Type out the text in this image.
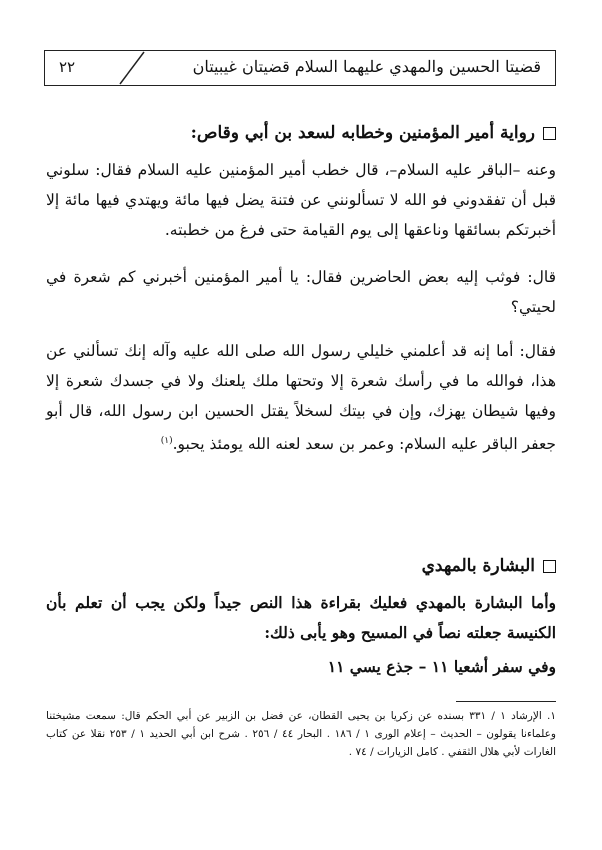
قضيتا الحسين والمهدي عليهما السلام قضيتان غيبيتان
٢٢
رواية أمير المؤمنين وخطابه لسعد بن أبي وقاص:

وعنه –الباقر عليه السلام–، قال خطب أمير المؤمنين عليه السلام فقال: سلوني قبل أن تفقدوني فو الله لا تسألونني عن فتنة يضل فيها مائة ويهتدي فيها مائة إلا أخبرتكم بسائقها وناعقها إلى يوم القيامة حتى فرغ من خطبته.

قال: فوثب إليه بعض الحاضرين فقال: يا أمير المؤمنين أخبرني كم شعرة في لحيتي؟

فقال: أما إنه قد أعلمني خليلي رسول الله صلى الله عليه وآله إنك تسألني عن هذا، فوالله ما في رأسك شعرة إلا وتحتها ملك يلعنك ولا في جسدك شعرة إلا وفيها شيطان يهزك، وإن في بيتك لسخلاً يقتل الحسين ابن رسول الله، قال أبو جعفر الباقر عليه السلام: وعمر بن سعد لعنه الله يومئذ يحبو.$^{(١)}$

البشارة بالمهدي

وأما البشارة بالمهدي فعليك بقراءة هذا النص جيداً ولكن يجب أن تعلم بأن الكنيسة جعلته نصاً في المسيح وهو يأبى ذلك:

وفي سفر أشعيا ١١ – جذع يسي ١١

١. الإرشاد ١ / ٣٣١ بسنده عن زكريا بن يحيى القطان، عن فضل بن الزبير عن أبي الحكم قال: سمعت مشيختنا وعلماءنا يقولون – الحديث – إعلام الورى ١ / ١٨٦ . البحار ٤٤ / ٢٥٦ . شرح ابن أبي الحديد ١ / ٢٥٣ نقلا عن كتاب الغارات لأبي هلال الثقفي . كامل الزيارات / ٧٤ .
